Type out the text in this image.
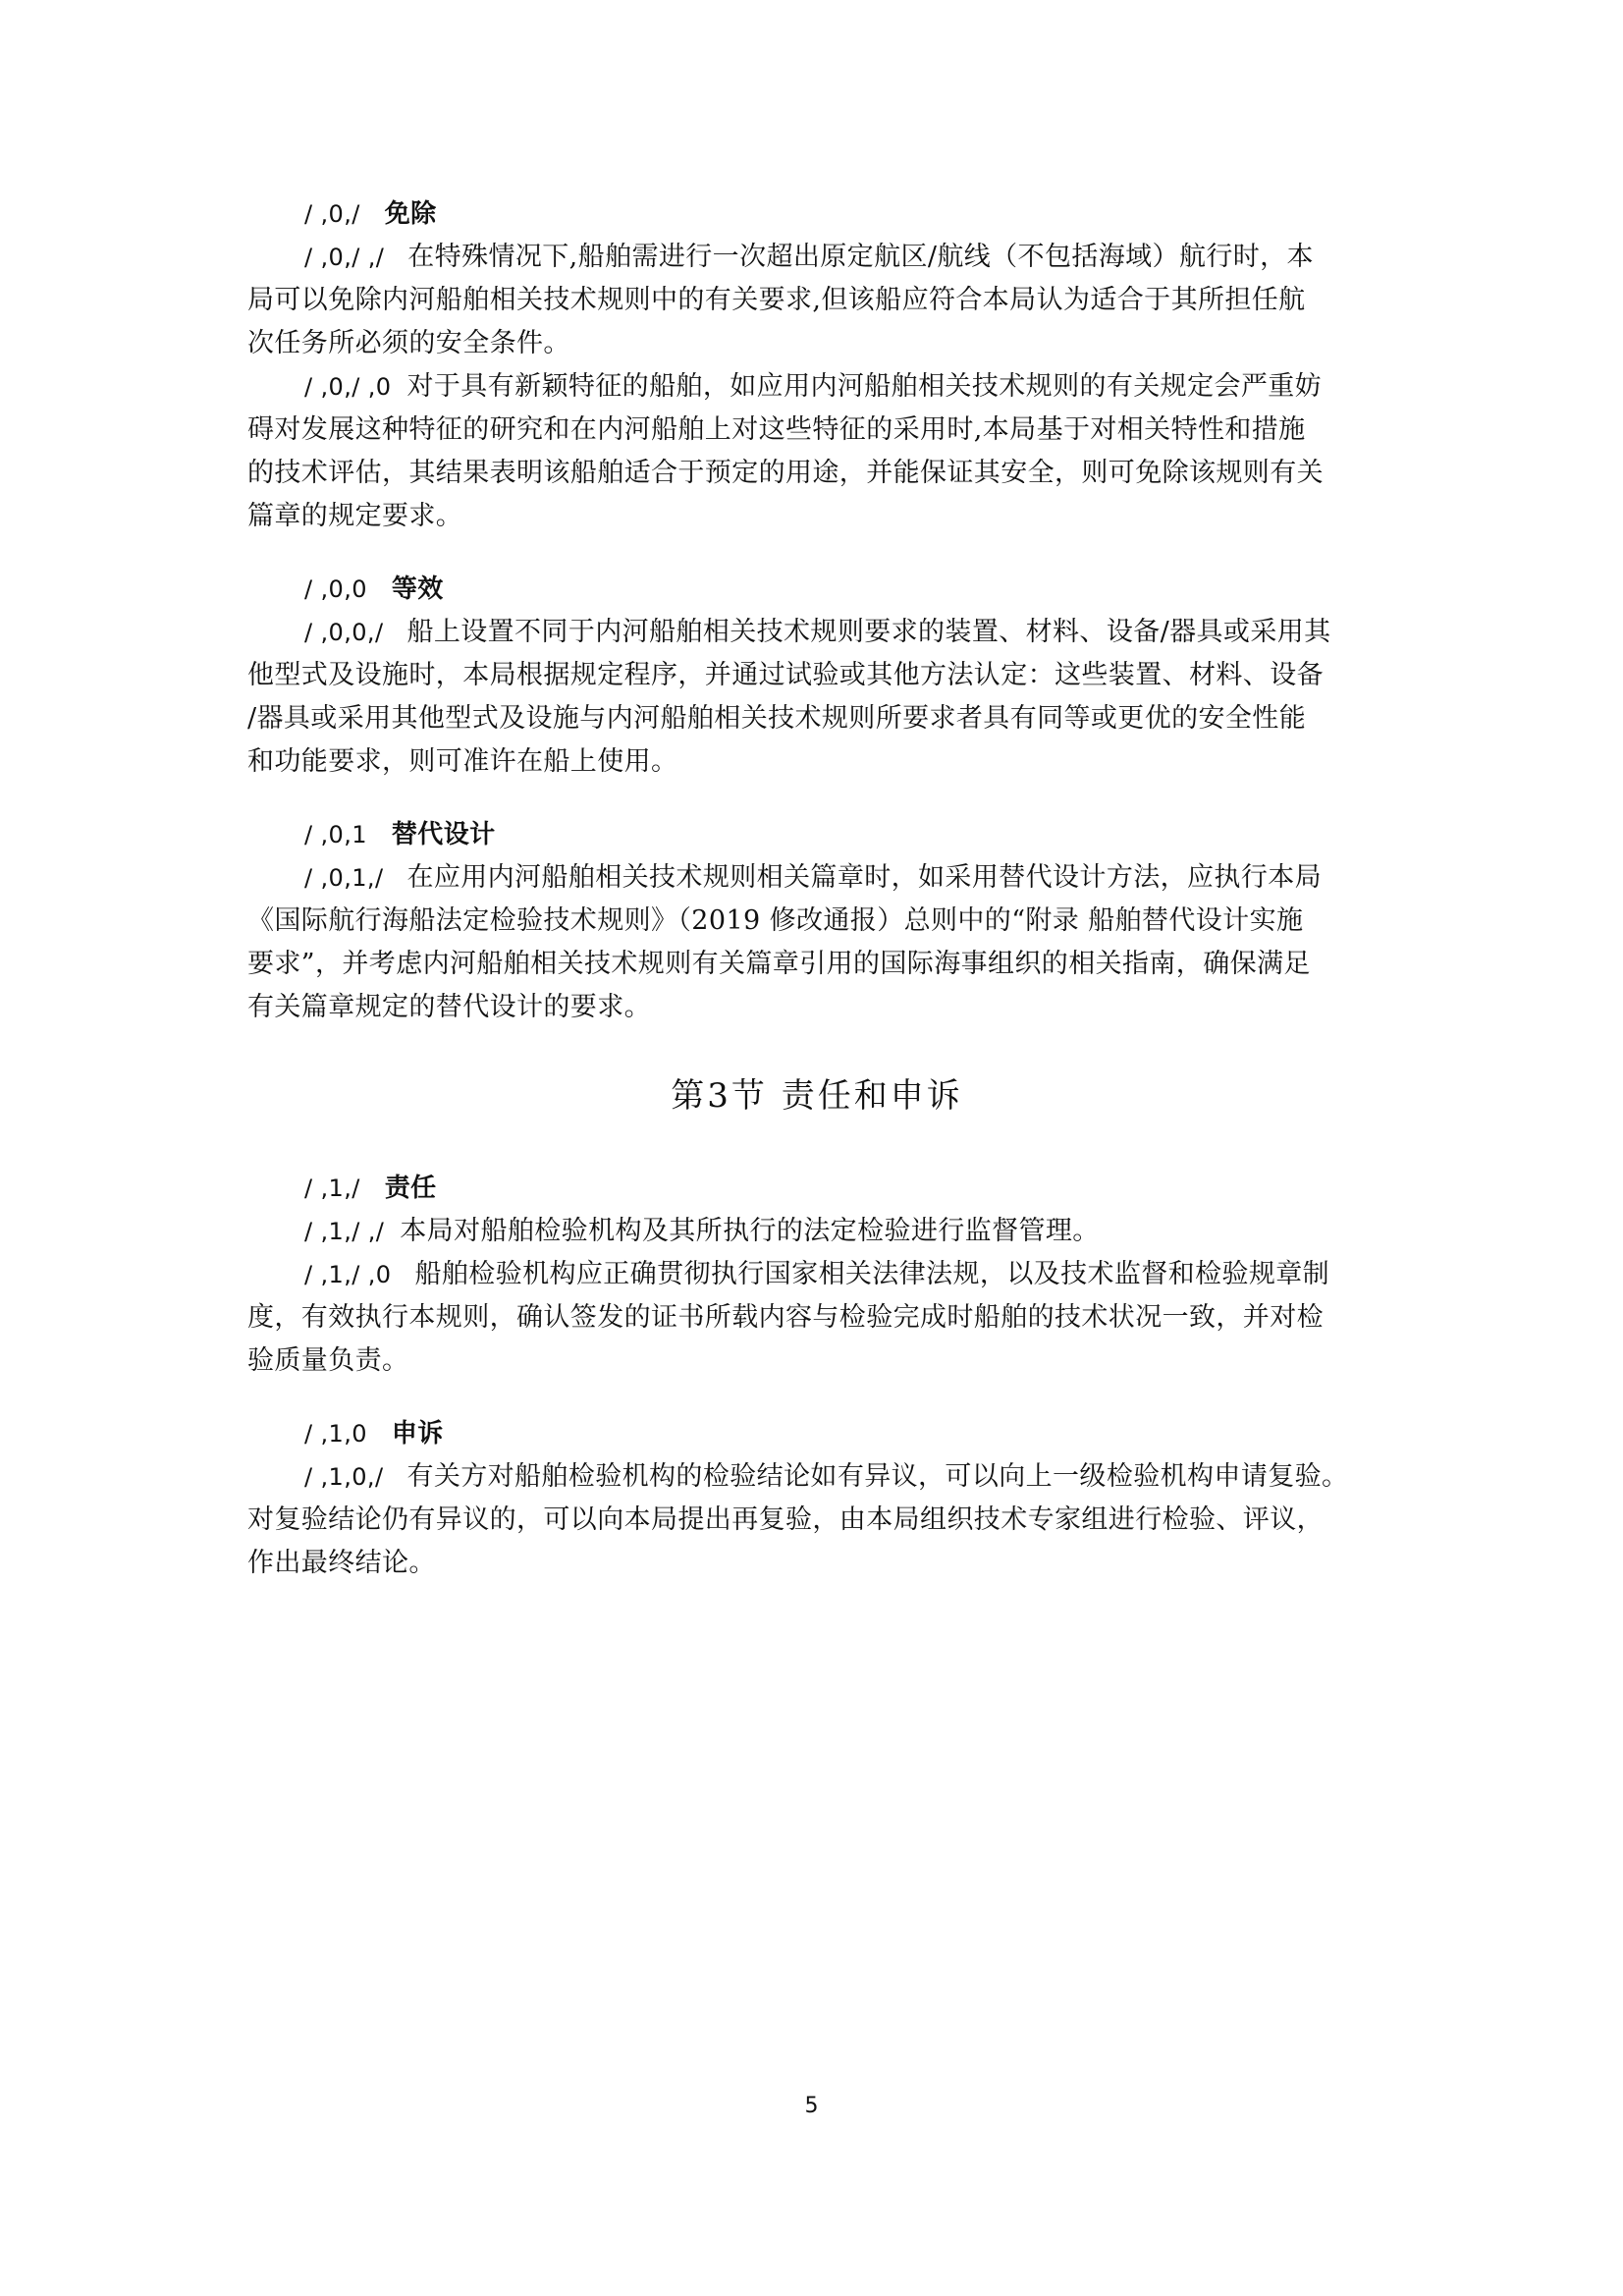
/ ,0,/ 免除
/ ,0,/ ,/ 在特殊情况下,船舶需进行一次超出原定航区/航线（不包括海域）航行时，本
局可以免除内河船舶相关技术规则中的有关要求,但该船应符合本局认为适合于其所担任航
次任务所必须的安全条件。
/ ,0,/ ,0 对于具有新颖特征的船舶，如应用内河船舶相关技术规则的有关规定会严重妨
碍对发展这种特征的研究和在内河船舶上对这些特征的采用时,本局基于对相关特性和措施
的技术评估，其结果表明该船舶适合于预定的用途，并能保证其安全，则可免除该规则有关
篇章的规定要求。
/ ,0,0 等效
/ ,0,0,/ 船上设置不同于内河船舶相关技术规则要求的装置、材料、设备/器具或采用其
他型式及设施时，本局根据规定程序，并通过试验或其他方法认定：这些装置、材料、设备
/器具或采用其他型式及设施与内河船舶相关技术规则所要求者具有同等或更优的安全性能
和功能要求，则可准许在船上使用。
/ ,0,1 替代设计
/ ,0,1,/ 在应用内河船舶相关技术规则相关篇章时，如采用替代设计方法，应执行本局
《国际航行海船法定检验技术规则》（2019 修改通报）总则中的“附录 船舶替代设计实施
要求”，并考虑内河船舶相关技术规则有关篇章引用的国际海事组织的相关指南，确保满足
有关篇章规定的替代设计的要求。
第3节 责任和申诉
/ ,1,/ 责任
/ ,1,/ ,/ 本局对船舶检验机构及其所执行的法定检验进行监督管理。
/ ,1,/ ,0 船舶检验机构应正确贯彻执行国家相关法律法规，以及技术监督和检验规章制
度，有效执行本规则，确认签发的证书所载内容与检验完成时船舶的技术状况一致，并对检
验质量负责。
/ ,1,0 申诉
/ ,1,0,/ 有关方对船舶检验机构的检验结论如有异议，可以向上一级检验机构申请复验。
对复验结论仍有异议的，可以向本局提出再复验，由本局组织技术专家组进行检验、评议，
作出最终结论。
5
